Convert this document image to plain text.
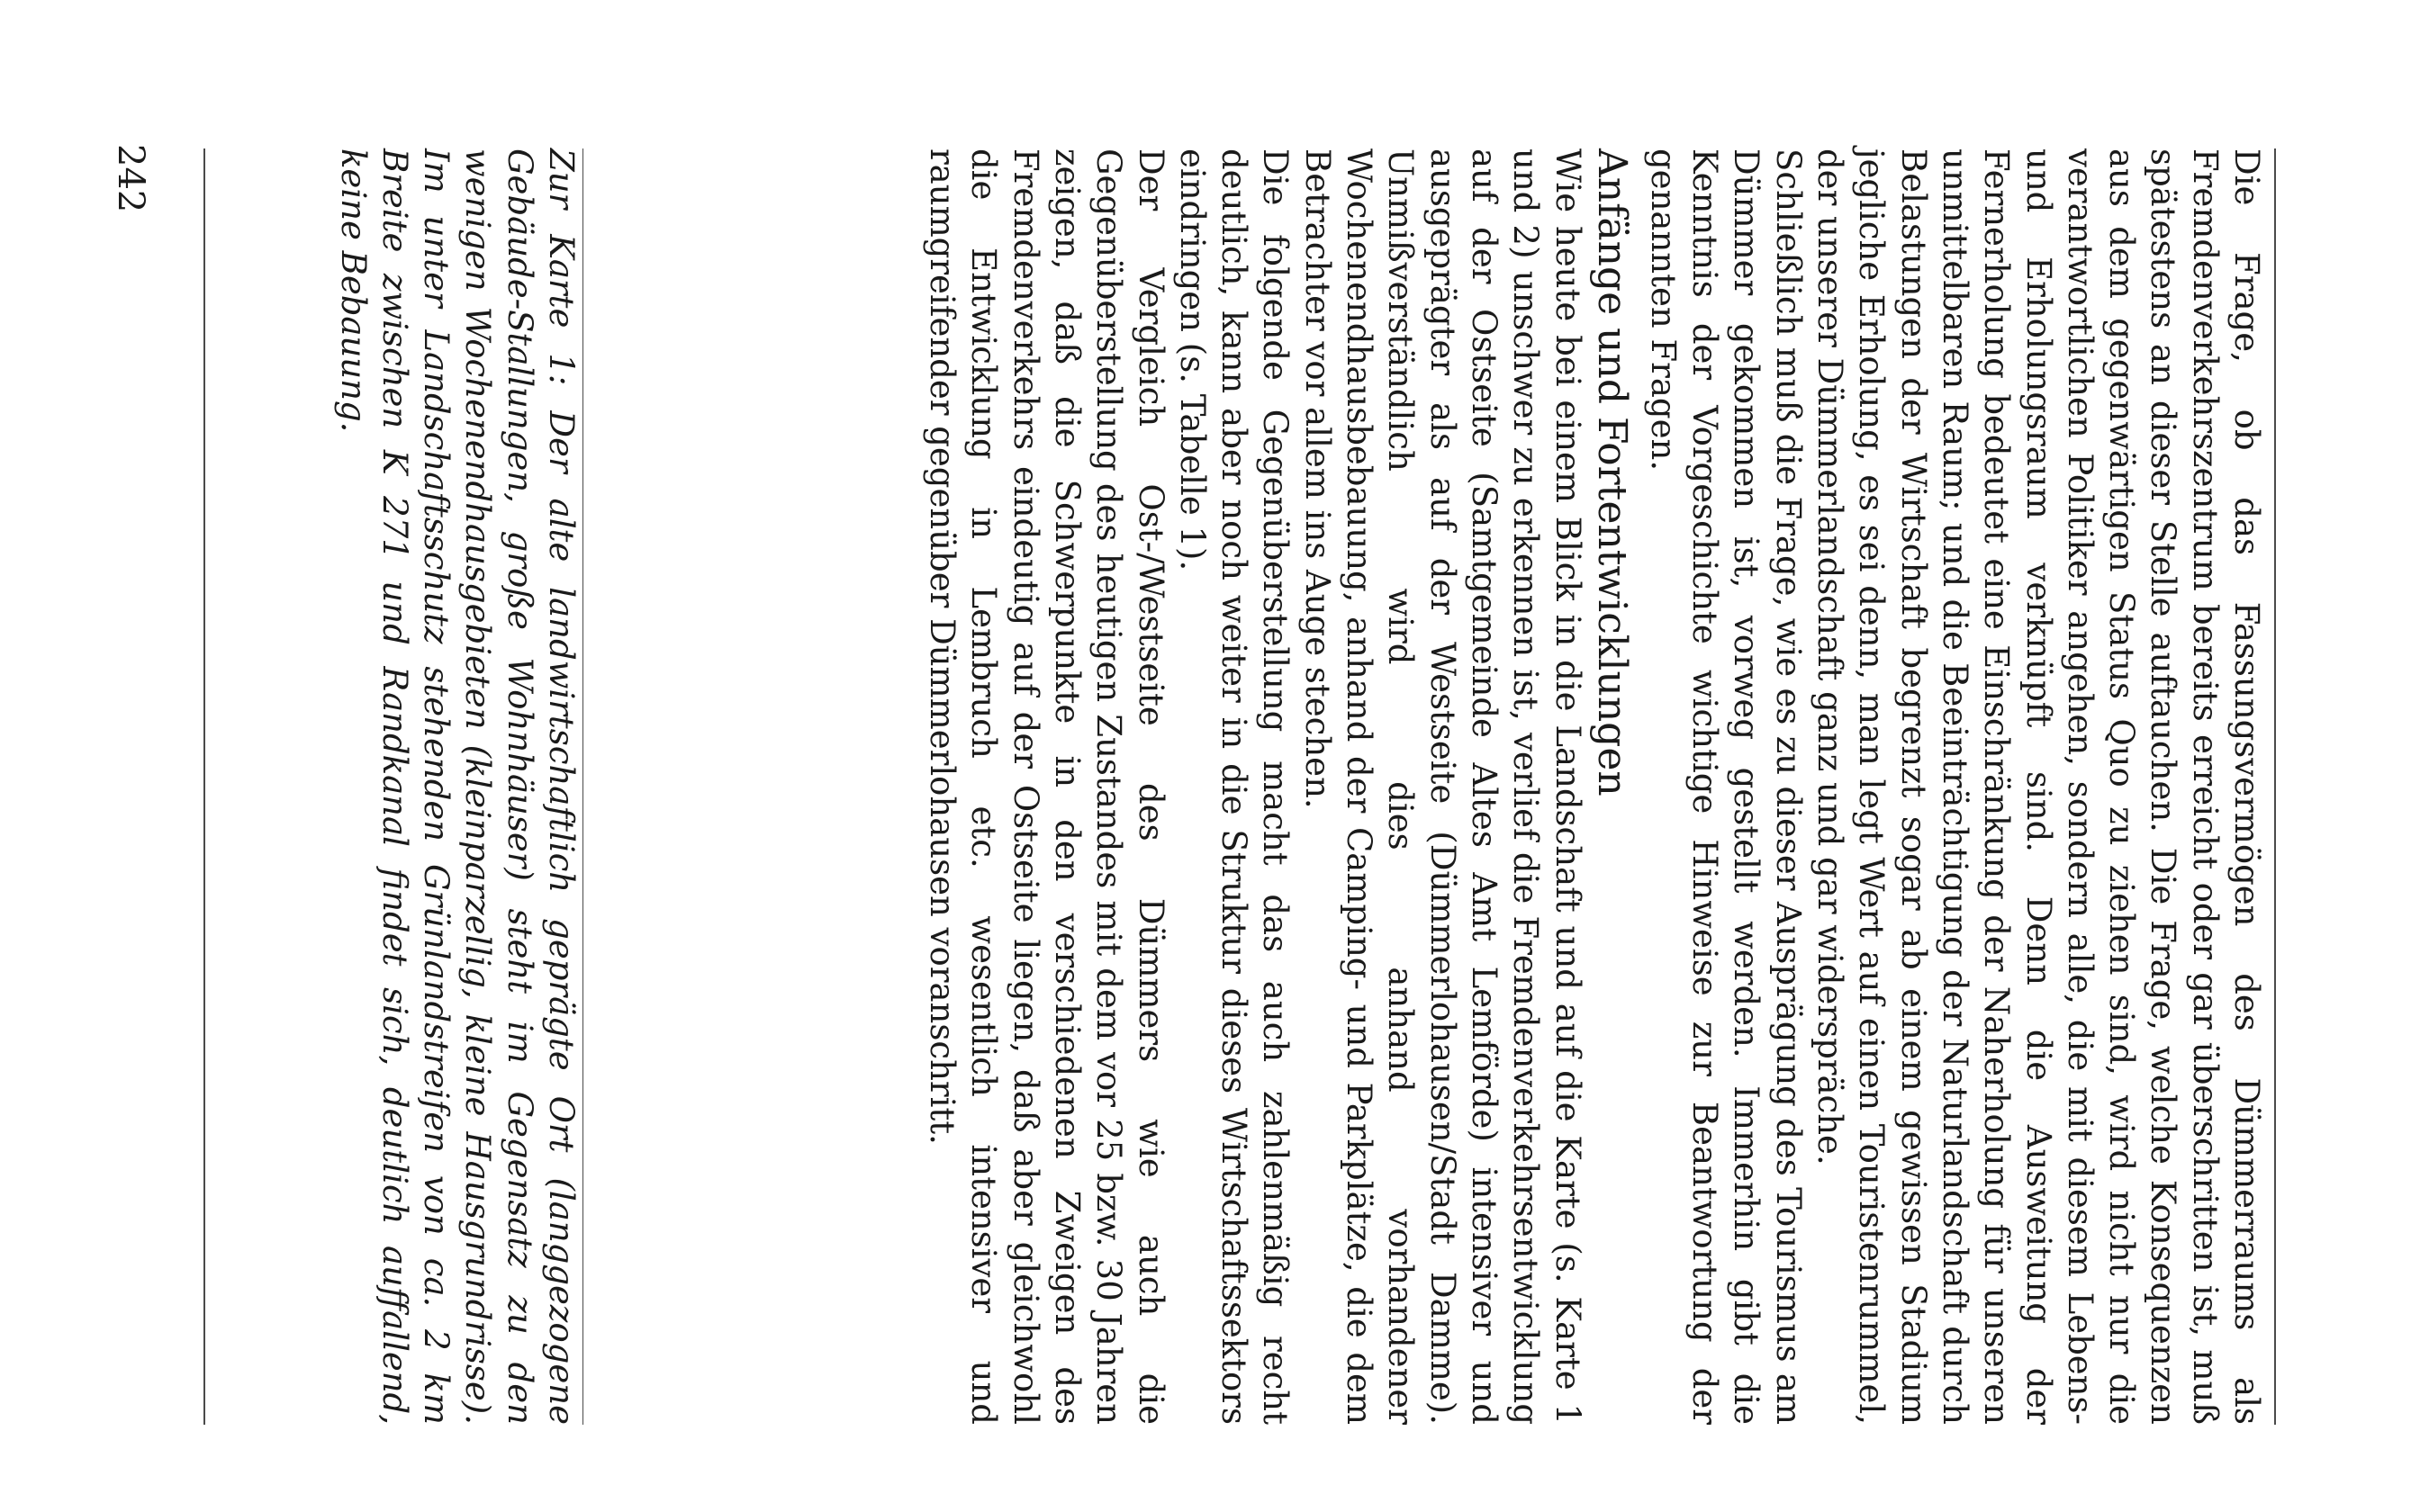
Die Frage, ob das Fassungsvermögen des Dümmerraums als Fremdenverkehrszentrum bereits erreicht oder gar überschritten ist, muß spätestens an dieser Stelle auftauchen. Die Frage, welche Konsequenzen aus dem gegenwärtigen Status Quo zu ziehen sind, wird nicht nur die verantwortlichen Politiker angehen, sondern alle, die mit diesem Lebens- und Erholungsraum verknüpft sind. Denn die Ausweitung der Fernerholung bedeutet eine Einschränkung der Naherholung für unseren unmittelbaren Raum; und die Beeinträchtigung der Naturlandschaft durch Belastungen der Wirtschaft begrenzt sogar ab einem gewissen Stadium jegliche Erholung, es sei denn, man legt Wert auf einen Touristenrummel, der unserer Dümmerlandschaft ganz und gar widerspräche.

Schließlich muß die Frage, wie es zu dieser Ausprägung des Tourismus am Dümmer gekommen ist, vorweg gestellt werden. Immerhin gibt die Kenntnis der Vorgeschichte wichtige Hinweise zur Beantwortung der genannten Fragen.

Anfänge und Fortentwicklungen

Wie heute bei einem Blick in die Landschaft und auf die Karte (s. Karte 1 und 2) unschwer zu erkennen ist, verlief die Fremdenverkehrsentwicklung auf der Ostseite (Samtgemeinde Altes Amt Lemförde) intensiver und ausgeprägter als auf der Westseite (Dümmerlohausen/Stadt Damme). Unmißverständlich wird dies anhand vorhandener Wochenendhausbebauung, anhand der Camping- und Parkplätze, die dem Betrachter vor allem ins Auge stechen.

Die folgende Gegenüberstellung macht das auch zahlenmäßig recht deutlich, kann aber noch weiter in die Struktur dieses Wirtschaftssektors eindringen (s. Tabelle 1).

Der Vergleich Ost-/Westseite des Dümmers wie auch die Gegenüberstellung des heutigen Zustandes mit dem vor 25 bzw. 30 Jahren zeigen, daß die Schwerpunkte in den verschiedenen Zweigen des Fremdenverkehrs eindeutig auf der Ostseite liegen, daß aber gleichwohl die Entwicklung in Lembruch etc. wesentlich intensiver und raumgreifender gegenüber Dümmerlohausen voranschritt.

Zur Karte 1: Der alte landwirtschaftlich geprägte Ort (langgezogene Gebäude-Stallungen, große Wohnhäuser) steht im Gegensatz zu den wenigen Wochenendhausgebieten (kleinparzellig, kleine Hausgrundrisse). Im unter Landschaftsschutz stehenden Grünlandstreifen von ca. 2 km Breite zwischen K 271 und Randkanal findet sich, deutlich auffallend, keine Bebauung.
242
